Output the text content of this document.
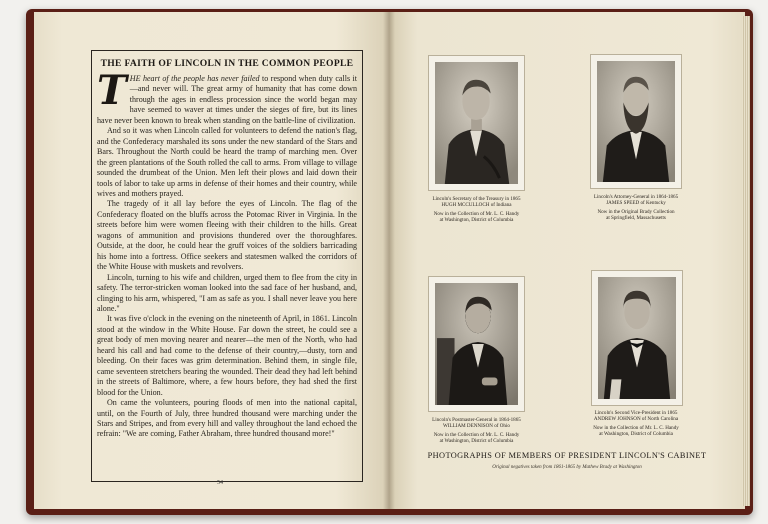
THE FAITH OF LINCOLN IN THE COMMON PEOPLE

T HE heart of the people has never failed to respond when duty calls it—and never will. The great army of humanity that has come down through the ages in endless procession since the world began may have seemed to waver at times under the sieges of fire, but its lines have never been known to break when standing on the battle-line of civilization.

And so it was when Lincoln called for volunteers to defend the nation's flag, and the Confederacy marshaled its sons under the new standard of the Stars and Bars. Throughout the North could be heard the tramp of marching men. Over the green plantations of the South rolled the call to arms. From village to village sounded the drumbeat of the Union. Men left their plows and laid down their tools of labor to take up arms in defense of their homes and their country, while wives and mothers prayed.

The tragedy of it all lay before the eyes of Lincoln. The flag of the Confederacy floated on the bluffs across the Potomac River in Virginia. In the streets before him were women fleeing with their children to the hills. Great wagons of ammunition and provisions thundered over the thoroughfares. Outside, at the door, he could hear the gruff voices of the soldiers barricading his home into a fortress. Office seekers and statesmen walked the corridors of the White House with muskets and revolvers.

Lincoln, turning to his wife and children, urged them to flee from the city in safety. The terror-stricken woman looked into the sad face of her husband, and, clinging to his arm, whispered, "I am as safe as you. I shall never leave you here alone."

It was five o'clock in the evening on the nineteenth of April, in 1861. Lincoln stood at the window in the White House. Far down the street, he could see a great body of men moving nearer and nearer—the men of the North, who had heard his call and had come to the defense of their country,—dusty, torn and bleeding. On their faces was grim determination. Behind them, in single file, came seventeen stretchers bearing the wounded. Their dead they had left behind in the streets of Baltimore, where, a few hours before, they had shed the first blood for the Union.

On came the volunteers, pouring floods of men into the national capital, until, on the Fourth of July, three hundred thousand were marching under the Stars and Stripes, and from every hill and valley throughout the land echoed the refrain: "We are coming, Father Abraham, three hundred thousand more!"

54
Lincoln's Secretary of the Treasury in 1865
HUGH MCCULLOCH of Indiana
Now in the Collection of Mr. L. C. Handy
at Washington, District of Columbia
Lincoln's Attorney-General in 1864-1865
JAMES SPEED of Kentucky
Now in the Original Brady Collection
at Springfield, Massachusetts
Lincoln's Postmaster-General in 1864-1865
WILLIAM DENNISON of Ohio
Now in the Collection of Mr. L. C. Handy
at Washington, District of Columbia
Lincoln's Second Vice-President in 1865
ANDREW JOHNSON of North Carolina
Now in the Collection of Mr. L. C. Handy
at Washington, District of Columbia
PHOTOGRAPHS OF MEMBERS OF PRESIDENT LINCOLN'S CABINET
Original negatives taken from 1861-1865 by Mathew Brady at Washington
